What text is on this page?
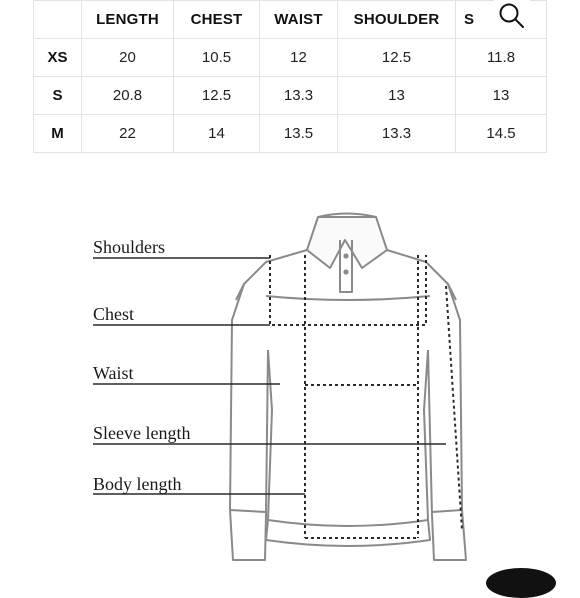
	LENGTH	CHEST	WAIST	SHOULDER	S
XS	20	10.5	12	12.5	11.8
S	20.8	12.5	13.3	13	13
M	22	14	13.5	13.3	14.5
Shoulders
Chest
Waist
Sleeve length
Body length
